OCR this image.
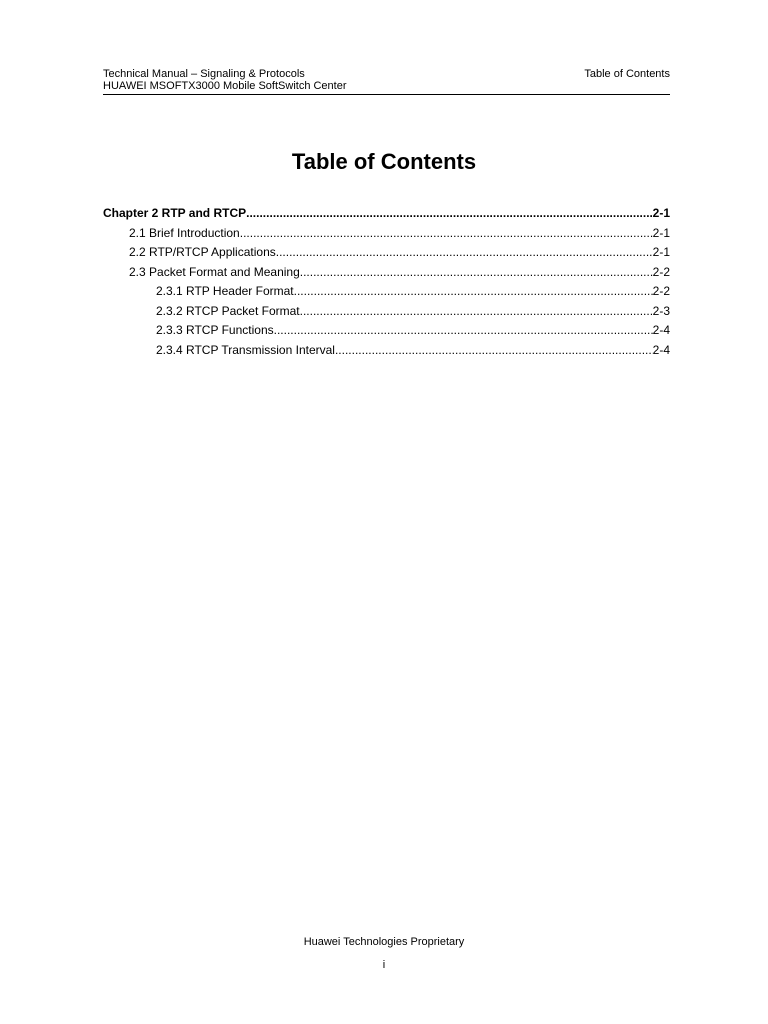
Technical Manual – Signaling & Protocols
HUAWEI MSOFTX3000 Mobile SoftSwitch Center
Table of Contents
Table of Contents
Chapter 2 RTP and RTCP .....	2-1
2.1 Brief Introduction .....	2-1
2.2 RTP/RTCP Applications .....	2-1
2.3 Packet Format and Meaning .....	2-2
2.3.1 RTP Header Format .....	2-2
2.3.2 RTCP Packet Format .....	2-3
2.3.3 RTCP Functions .....	2-4
2.3.4 RTCP Transmission Interval .....	2-4
Huawei Technologies Proprietary
i
